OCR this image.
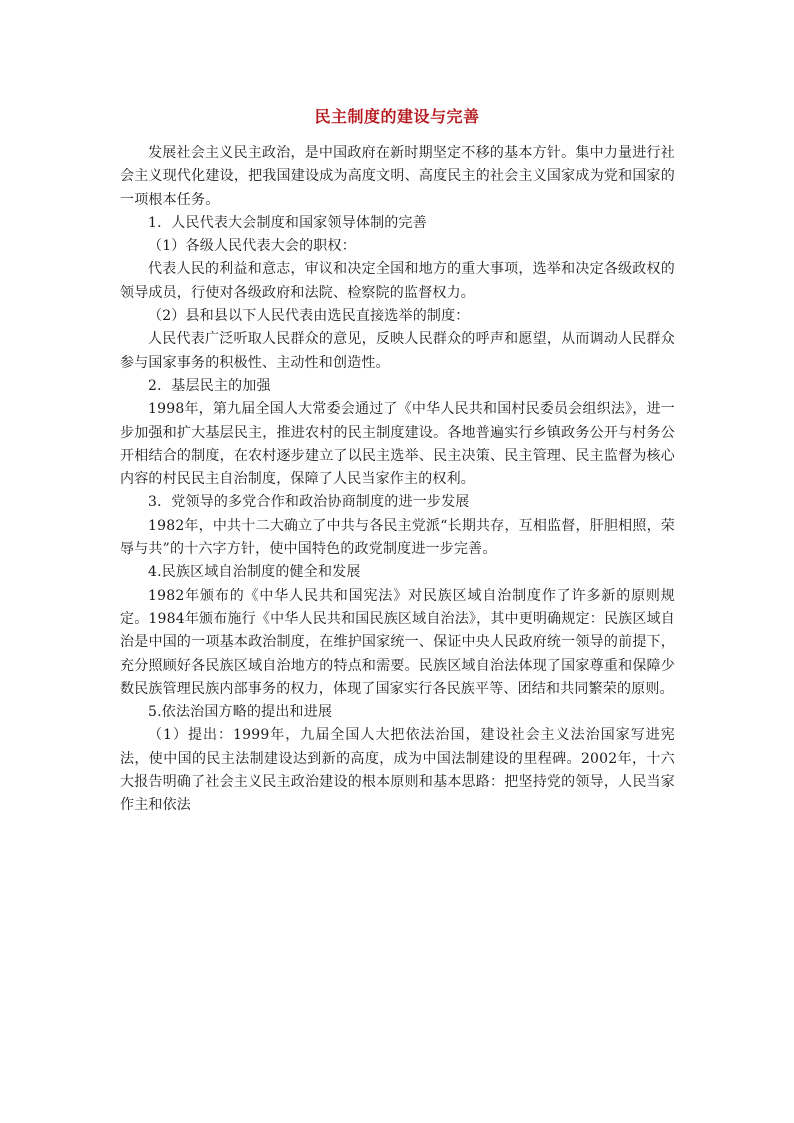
民主制度的建设与完善

发展社会主义民主政治，是中国政府在新时期坚定不移的基本方针。集中力量进行社会主义现代化建设，把我国建设成为高度文明、高度民主的社会主义国家成为党和国家的一项根本任务。

1．人民代表大会制度和国家领导体制的完善

（1）各级人民代表大会的职权：

代表人民的利益和意志，审议和决定全国和地方的重大事项，选举和决定各级政权的领导成员，行使对各级政府和法院、检察院的监督权力。

（2）县和县以下人民代表由选民直接选举的制度：

人民代表广泛听取人民群众的意见，反映人民群众的呼声和愿望，从而调动人民群众参与国家事务的积极性、主动性和创造性。

2．基层民主的加强

1998年，第九届全国人大常委会通过了《中华人民共和国村民委员会组织法》，进一步加强和扩大基层民主，推进农村的民主制度建设。各地普遍实行乡镇政务公开与村务公开相结合的制度，在农村逐步建立了以民主选举、民主决策、民主管理、民主监督为核心内容的村民民主自治制度，保障了人民当家作主的权利。

3．党领导的多党合作和政治协商制度的进一步发展

1982年，中共十二大确立了中共与各民主党派“长期共存，互相监督，肝胆相照，荣辱与共”的十六字方针，使中国特色的政党制度进一步完善。

4.民族区域自治制度的健全和发展

1982年颁布的《中华人民共和国宪法》对民族区域自治制度作了许多新的原则规定。1984年颁布施行《中华人民共和国民族区域自治法》，其中更明确规定：民族区域自治是中国的一项基本政治制度，在维护国家统一、保证中央人民政府统一领导的前提下，充分照顾好各民族区域自治地方的特点和需要。民族区域自治法体现了国家尊重和保障少数民族管理民族内部事务的权力，体现了国家实行各民族平等、团结和共同繁荣的原则。

5.依法治国方略的提出和进展

（1）提出：1999年，九届全国人大把依法治国，建设社会主义法治国家写进宪法，使中国的民主法制建设达到新的高度，成为中国法制建设的里程碑。2002年，十六大报告明确了社会主义民主政治建设的根本原则和基本思路：把坚持党的领导，人民当家作主和依法
